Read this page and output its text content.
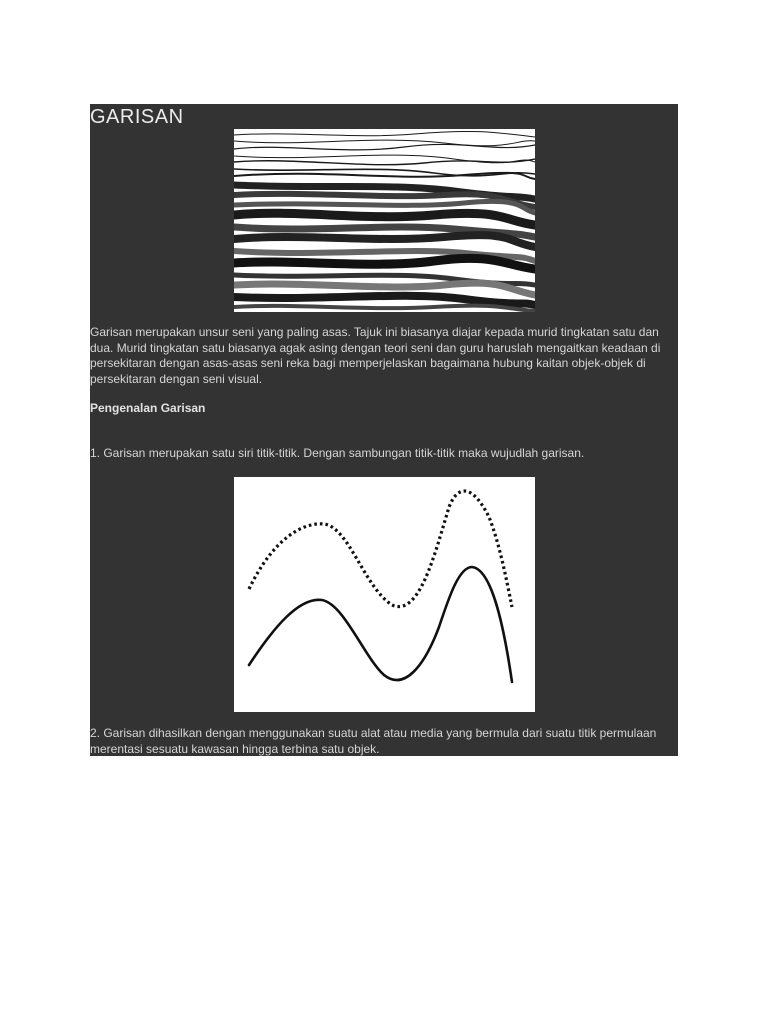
GARISAN
Garisan merupakan unsur seni yang paling asas. Tajuk ini biasanya diajar kepada murid tingkatan satu dan dua. Murid tingkatan satu biasanya agak asing dengan teori seni dan guru haruslah mengaitkan keadaan di persekitaran dengan asas-asas seni reka bagi memperjelaskan bagaimana hubung kaitan objek-objek di persekitaran dengan seni visual.
Pengenalan Garisan
1. Garisan merupakan satu siri titik-titik. Dengan sambungan titik-titik maka wujudlah garisan.
2. Garisan dihasilkan dengan menggunakan suatu alat atau media yang bermula dari suatu titik permulaan merentasi sesuatu kawasan hingga terbina satu objek.
